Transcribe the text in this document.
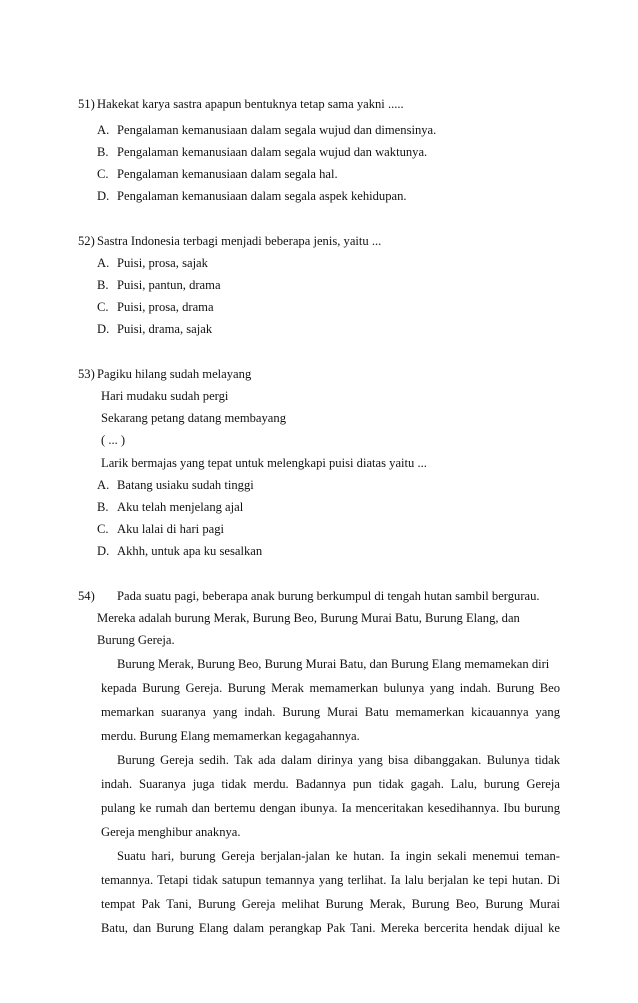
51) Hakekat karya sastra apapun bentuknya tetap sama yakni .....
A. Pengalaman kemanusiaan dalam segala wujud dan dimensinya.
B. Pengalaman kemanusiaan dalam segala wujud dan waktunya.
C. Pengalaman kemanusiaan dalam segala hal.
D. Pengalaman kemanusiaan dalam segala aspek kehidupan.
52) Sastra Indonesia terbagi menjadi beberapa jenis, yaitu ...
A. Puisi, prosa, sajak
B. Puisi, pantun, drama
C. Puisi, prosa, drama
D. Puisi, drama, sajak
53) Pagiku hilang sudah melayang
Hari mudaku sudah pergi
Sekarang petang datang membayang
( ... )
Larik bermajas yang tepat untuk melengkapi puisi diatas yaitu ...
A. Batang usiaku sudah tinggi
B. Aku telah menjelang ajal
C. Aku lalai di hari pagi
D. Akhh, untuk apa ku sesalkan
54) Pada suatu pagi, beberapa anak burung berkumpul di tengah hutan sambil bergurau.
Mereka adalah burung Merak, Burung Beo, Burung Murai Batu, Burung Elang, dan
Burung Gereja.
Burung Merak, Burung Beo, Burung Murai Batu, dan Burung Elang memamekan diri
kepada Burung Gereja. Burung Merak memamerkan bulunya yang indah. Burung Beo
memarkan suaranya yang indah. Burung Murai Batu memamerkan kicauannya yang
merdu. Burung Elang memamerkan kegagahannya.
Burung Gereja sedih. Tak ada dalam dirinya yang bisa dibanggakan. Bulunya tidak
indah. Suaranya juga tidak merdu. Badannya pun tidak gagah. Lalu, burung Gereja
pulang ke rumah dan bertemu dengan ibunya. Ia menceritakan kesedihannya. Ibu burung
Gereja menghibur anaknya.
Suatu hari, burung Gereja berjalan-jalan ke hutan. Ia ingin sekali menemui teman-
temannya. Tetapi tidak satupun temannya yang terlihat. Ia lalu berjalan ke tepi hutan. Di
tempat Pak Tani, Burung Gereja melihat Burung Merak, Burung Beo, Burung Murai
Batu, dan Burung Elang dalam perangkap Pak Tani. Mereka bercerita hendak dijual ke
